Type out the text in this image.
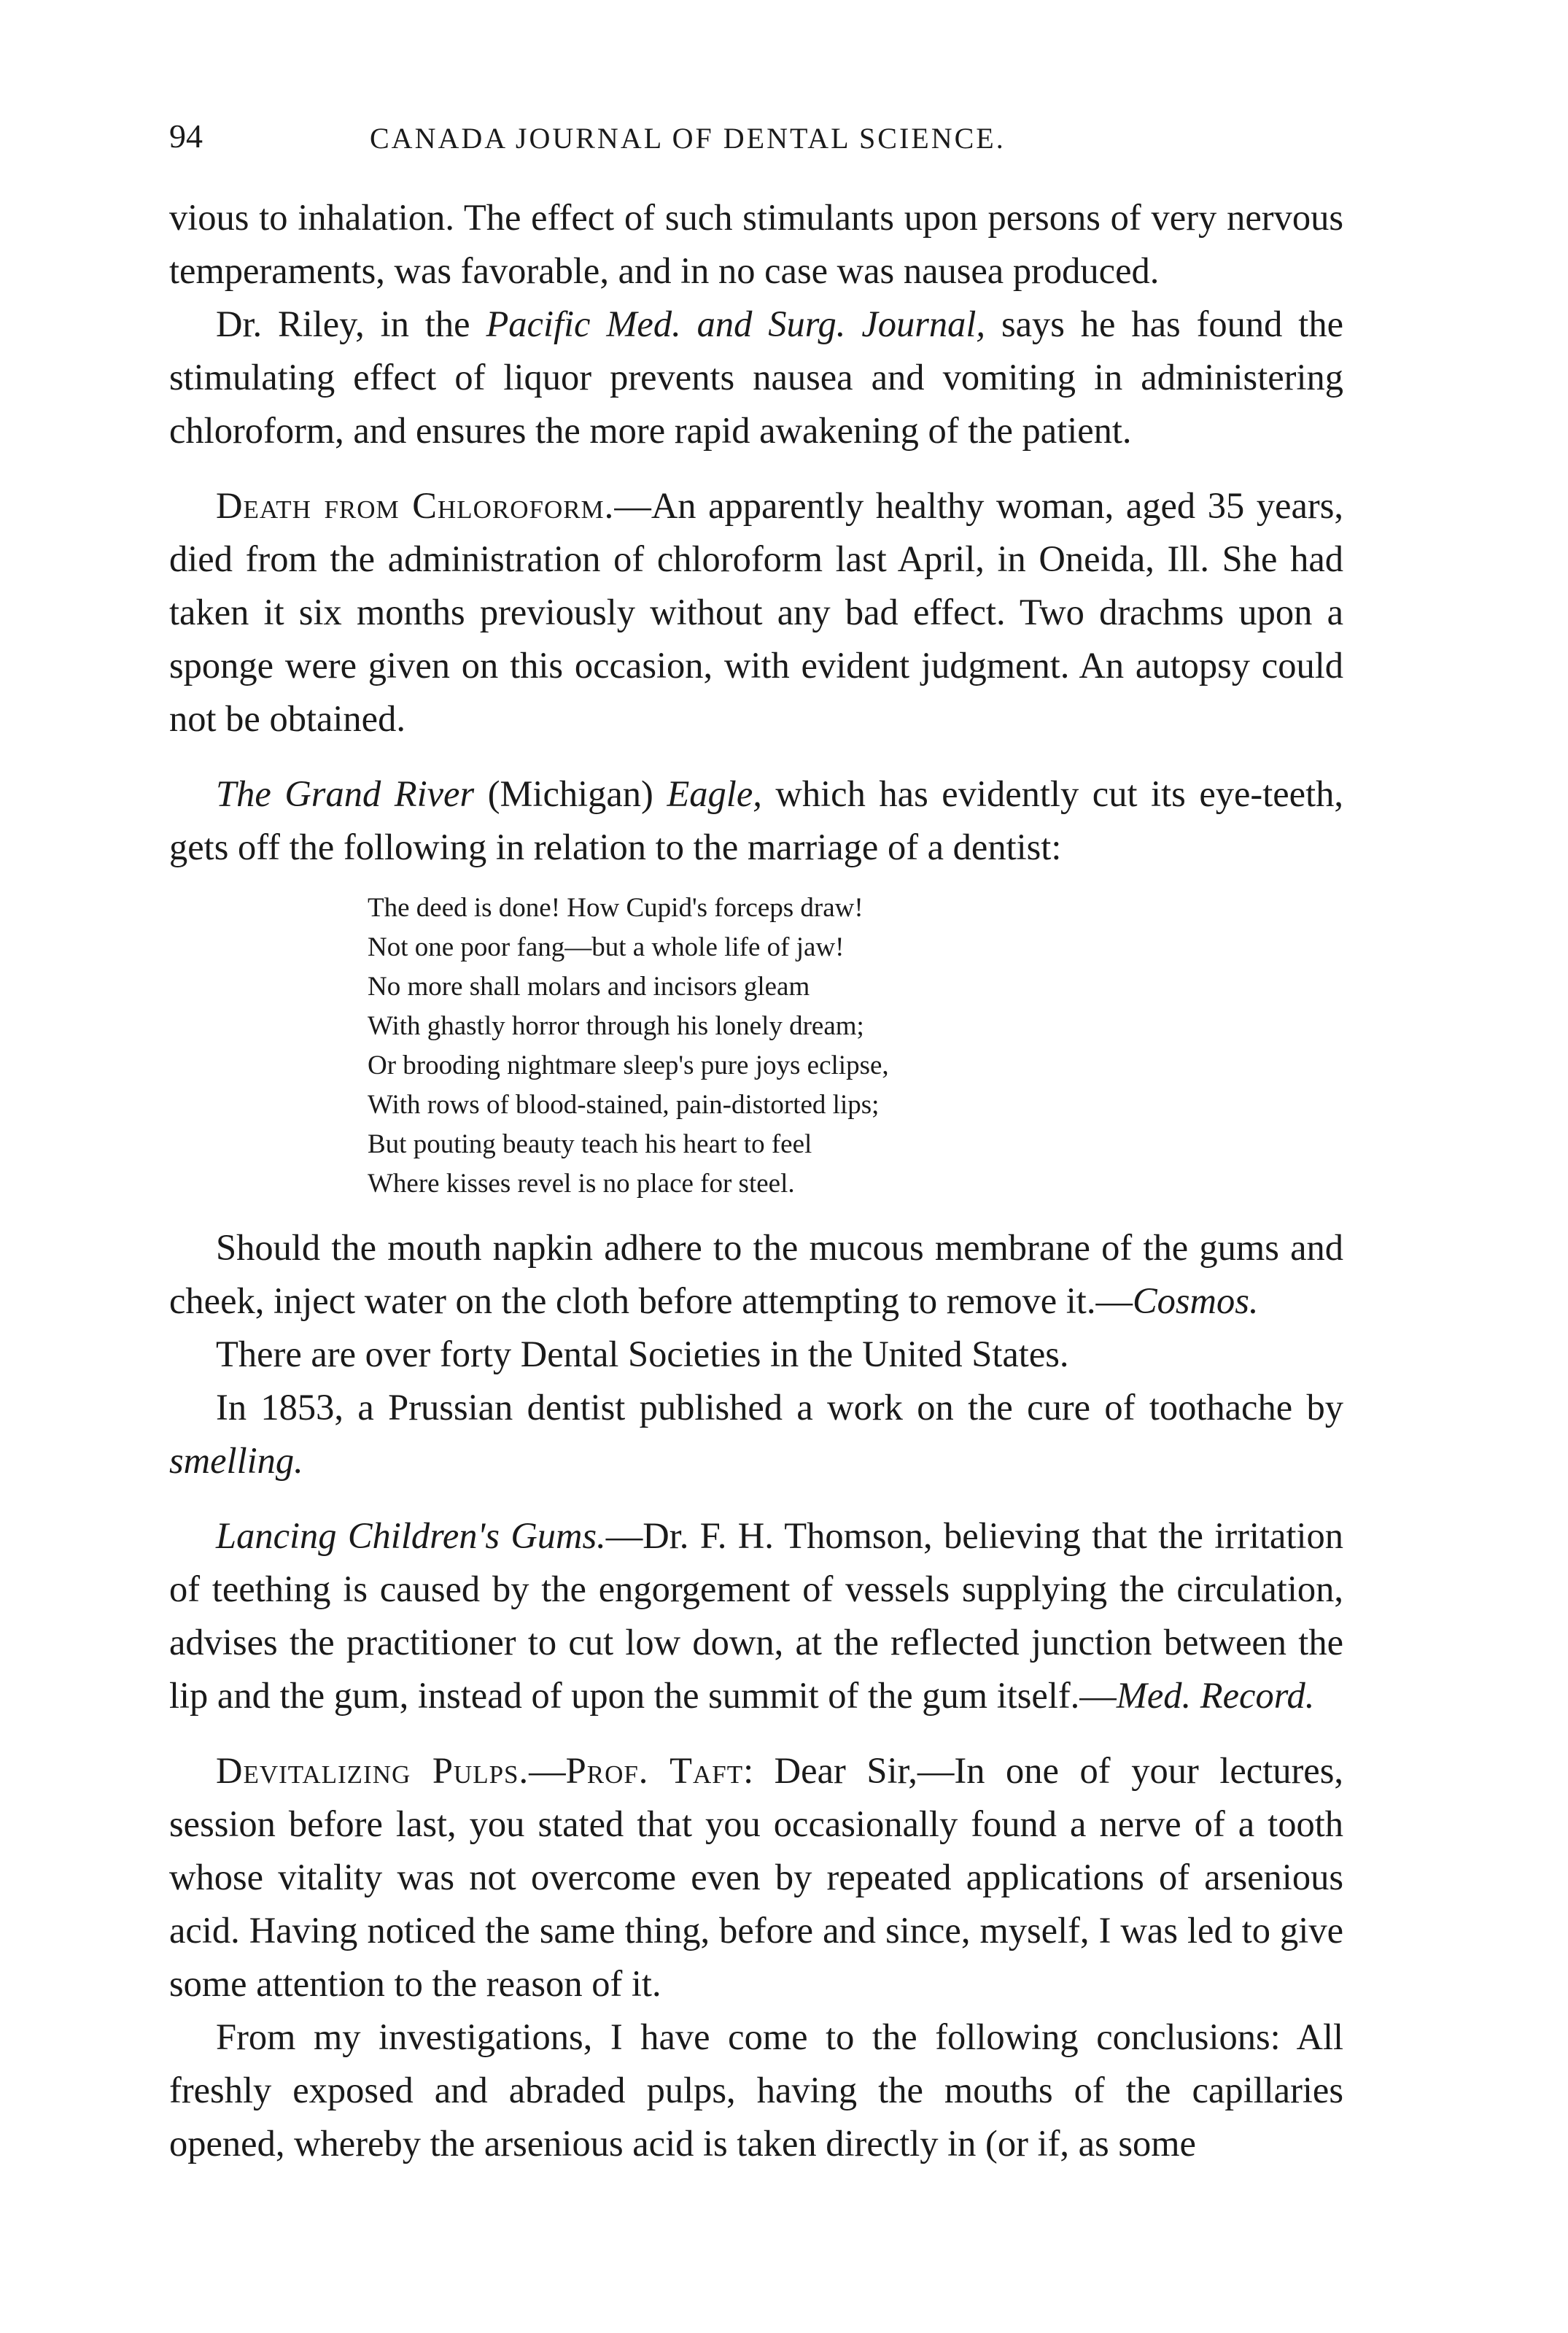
94	CANADA JOURNAL OF DENTAL SCIENCE.

vious to inhalation. The effect of such stimulants upon persons of very nervous temperaments, was favorable, and in no case was nausea produced.

Dr. Riley, in the Pacific Med. and Surg. Journal, says he has found the stimulating effect of liquor prevents nausea and vomiting in administering chloroform, and ensures the more rapid awakening of the patient.

Death from Chloroform.—An apparently healthy woman, aged 35 years, died from the administration of chloroform last April, in Oneida, Ill. She had taken it six months previously without any bad effect. Two drachms upon a sponge were given on this occasion, with evident judgment. An autopsy could not be obtained.

The Grand River (Michigan) Eagle, which has evidently cut its eye-teeth, gets off the following in relation to the marriage of a dentist:

The deed is done! How Cupid's forceps draw!
Not one poor fang—but a whole life of jaw!
No more shall molars and incisors gleam
With ghastly horror through his lonely dream;
Or brooding nightmare sleep's pure joys eclipse,
With rows of blood-stained, pain-distorted lips;
But pouting beauty teach his heart to feel
Where kisses revel is no place for steel.

Should the mouth napkin adhere to the mucous membrane of the gums and cheek, inject water on the cloth before attempting to remove it.—Cosmos.

There are over forty Dental Societies in the United States.

In 1853, a Prussian dentist published a work on the cure of toothache by smelling.

Lancing Children's Gums.—Dr. F. H. Thomson, believing that the irritation of teething is caused by the engorgement of vessels supplying the circulation, advises the practitioner to cut low down, at the reflected junction between the lip and the gum, instead of upon the summit of the gum itself.—Med. Record.

Devitalizing Pulps.—Prof. Taft: Dear Sir,—In one of your lectures, session before last, you stated that you occasionally found a nerve of a tooth whose vitality was not overcome even by repeated applications of arsenious acid. Having noticed the same thing, before and since, myself, I was led to give some attention to the reason of it.

From my investigations, I have come to the following conclusions: All freshly exposed and abraded pulps, having the mouths of the capillaries opened, whereby the arsenious acid is taken directly in (or if, as some
